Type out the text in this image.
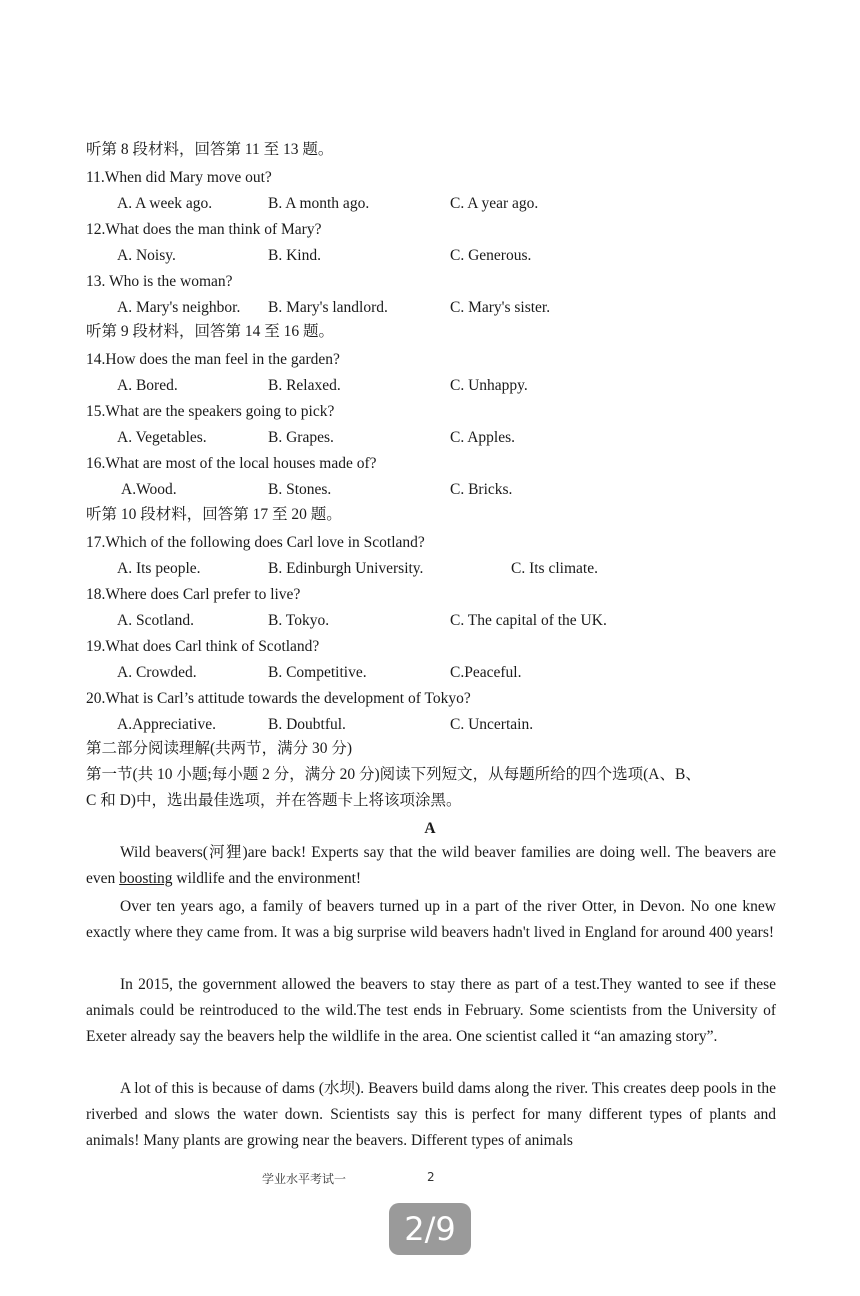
听第 8 段材料，回答第 11 至 13 题。
11.When did Mary move out?
A. A week ago.	B. A month ago.	C. A year ago.
12.What does the man think of Mary?
A. Noisy.	B. Kind.	C. Generous.
13. Who is the woman?
A. Mary's neighbor. B. Mary's landlord.	C. Mary's sister.
听第 9 段材料，回答第 14 至 16 题。
14.How does the man feel in the garden?
A. Bored.	B. Relaxed.	C. Unhappy.
15.What are the speakers going to pick?
A. Vegetables.	B. Grapes.	C. Apples.
16.What are most of the local houses made of?
A.Wood.	B. Stones.	C. Bricks.
听第 10 段材料，回答第 17 至 20 题。
17.Which of the following does Carl love in Scotland?
A. Its people.	B. Edinburgh University.	C. Its climate.
18.Where does Carl prefer to live?
A. Scotland.	B. Tokyo.	C. The capital of the UK.
19.What does Carl think of Scotland?
A. Crowded.	B. Competitive.	C.Peaceful.
20.What is Carl’s attitude towards the development of Tokyo?
A.Appreciative.	B. Doubtful.	C. Uncertain.
第二部分阅读理解(共两节，满分 30 分)
第一节(共 10 小题;每小题 2 分，满分 20 分)阅读下列短文，从每题所给的四个选项(A、B、
C 和 D)中，选出最佳选项，并在答题卡上将该项涂黑。
A
Wild beavers(河狸)are back! Experts say that the wild beaver families are doing well. The beavers are even boosting wildlife and the environment!
Over ten years ago, a family of beavers turned up in a part of the river Otter, in Devon. No one knew exactly where they came from. It was a big surprise wild beavers hadn't lived in England for around 400 years!
In 2015, the government allowed the beavers to stay there as part of a test.They wanted to see if these animals could be reintroduced to the wild.The test ends in February. Some scientists from the University of Exeter already say the beavers help the wildlife in the area. One scientist called it “an amazing story”.
A lot of this is because of dams (水坝). Beavers build dams along the river. This creates deep pools in the riverbed and slows the water down. Scientists say this is perfect for many different types of plants and animals! Many plants are growing near the beavers. Different types of animals
学业水平考试一	2
2/9
